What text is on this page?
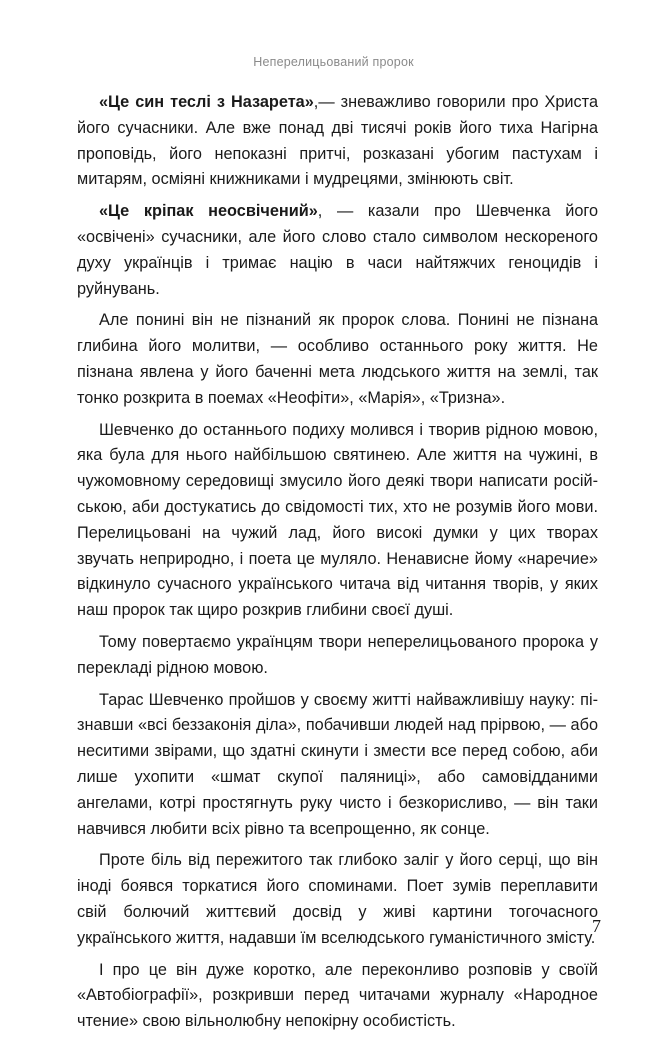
Неперелицьований пророк

«Це син теслі з Назарета»,— зневажливо говорили про Христа його сучасники. Але вже понад дві тисячі років його тиха Нагірна проповідь, його непоказні притчі, розказані убогим пастухам і митарям, осміяні книжниками і мудрецями, змінюють світ.

«Це кріпак неосвічений», — казали про Шевченка його «освічені» сучасники, але його слово стало символом нескореного духу українців і тримає націю в часи найтяжчих геноцидів і руйнувань.

Але понині він не пізнаний як пророк слова. Понині не пізнана глибина його молитви, — особливо останнього року життя. Не пізнана явлена у його баченні мета людського життя на землі, так тонко розкрита в поемах «Неофіти», «Марія», «Тризна».

Шевченко до останнього подиху молився і творив рідною мовою, яка була для нього найбільшою святинею. Але життя на чужині, в чужомовному середовищі змусило його деякі твори написати російською, аби достукатись до свідомості тих, хто не розумів його мови. Перелицьовані на чужий лад, його високі думки у цих творах звучать неприродно, і поета це муляло. Ненависне йому «наречие» відкинуло сучасного українського читача від читання творів, у яких наш пророк так щиро розкрив глибини своєї душі.

Тому повертаємо українцям твори неперелицьованого пророка у перекладі рідною мовою.

Тарас Шевченко пройшов у своєму житті найважливішу науку: пізнавши «всі беззаконія діла», побачивши людей над прірвою, — або неситими звірами, що здатні скинути і змести все перед собою, аби лише ухопити «шмат скупої паляниці», або самовідданими ангелами, котрі простягнуть руку чисто і безкорисливо, — він таки навчився любити всіх рівно та всепрощенно, як сонце.

Проте біль від пережитого так глибоко заліг у його серці, що він іноді боявся торкатися його споминами. Поет зумів переплавити свій болючий життєвий досвід у живі картини тогочасного українського життя, надавши їм вселюдського гуманістичного змісту.

І про це він дуже коротко, але переконливо розповів у своїй «Автобіографії», розкривши перед читачами журналу «Народное чтение» свою вільнолюбну непокірну особистість.

7
